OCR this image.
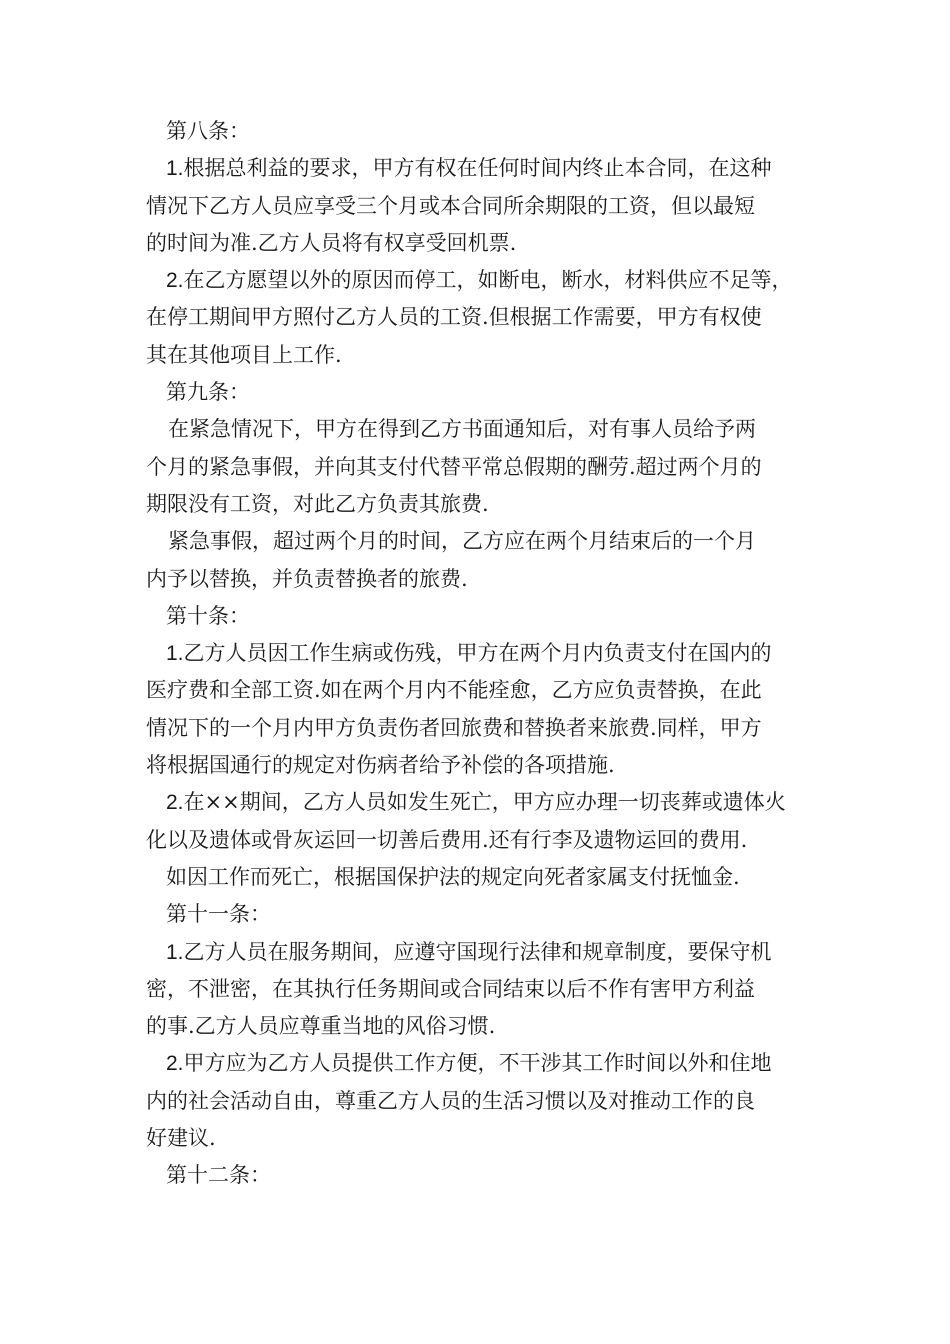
第八条：
1.根据总利益的要求，甲方有权在任何时间内终止本合同，在这种
情况下乙方人员应享受三个月或本合同所余期限的工资，但以最短
的时间为准.乙方人员将有权享受回机票.
2.在乙方愿望以外的原因而停工，如断电，断水，材料供应不足等，
在停工期间甲方照付乙方人员的工资.但根据工作需要，甲方有权使
其在其他项目上工作.
第九条：
在紧急情况下，甲方在得到乙方书面通知后，对有事人员给予两
个月的紧急事假，并向其支付代替平常总假期的酬劳.超过两个月的
期限没有工资，对此乙方负责其旅费.
紧急事假，超过两个月的时间，乙方应在两个月结束后的一个月
内予以替换，并负责替换者的旅费.
第十条：
1.乙方人员因工作生病或伤残，甲方在两个月内负责支付在国内的
医疗费和全部工资.如在两个月内不能痊愈，乙方应负责替换，在此
情况下的一个月内甲方负责伤者回旅费和替换者来旅费.同样，甲方
将根据国通行的规定对伤病者给予补偿的各项措施.
2.在××期间，乙方人员如发生死亡，甲方应办理一切丧葬或遗体火
化以及遗体或骨灰运回一切善后费用.还有行李及遗物运回的费用.
如因工作而死亡，根据国保护法的规定向死者家属支付抚恤金.
第十一条：
1.乙方人员在服务期间，应遵守国现行法律和规章制度，要保守机
密，不泄密，在其执行任务期间或合同结束以后不作有害甲方利益
的事.乙方人员应尊重当地的风俗习惯.
2.甲方应为乙方人员提供工作方便，不干涉其工作时间以外和住地
内的社会活动自由，尊重乙方人员的生活习惯以及对推动工作的良
好建议.
第十二条：
